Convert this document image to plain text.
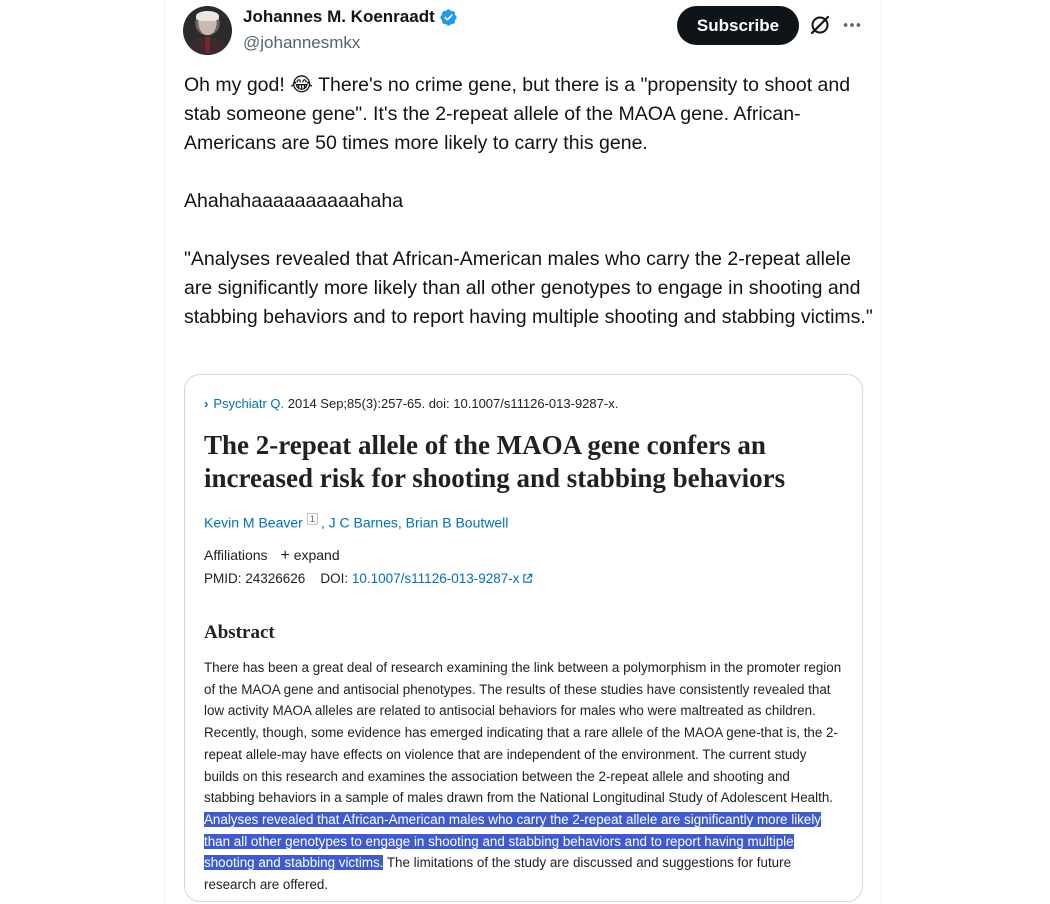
Johannes M. Koenraadt
@johannesmkx
Subscribe

Oh my god! 😂 There's no crime gene, but there is a "propensity to shoot and stab someone gene". It's the 2-repeat allele of the MAOA gene. African-Americans are 50 times more likely to carry this gene.

Ahahahaaaaaaaaaahaha

"Analyses revealed that African-American males who carry the 2-repeat allele are significantly more likely than all other genotypes to engage in shooting and stabbing behaviors and to report having multiple shooting and stabbing victims."

› Psychiatr Q. 2014 Sep;85(3):257-65. doi: 10.1007/s11126-013-9287-x.
The 2-repeat allele of the MAOA gene confers an increased risk for shooting and stabbing behaviors
Kevin M Beaver $^1$ , J C Barnes, Brian B Boutwell
Affiliations + expand
PMID: 24326626 DOI: 10.1007/s11126-013-9287-x
Abstract

There has been a great deal of research examining the link between a polymorphism in the promoter region of the MAOA gene and antisocial phenotypes. The results of these studies have consistently revealed that low activity MAOA alleles are related to antisocial behaviors for males who were maltreated as children. Recently, though, some evidence has emerged indicating that a rare allele of the MAOA gene-that is, the 2-repeat allele-may have effects on violence that are independent of the environment. The current study builds on this research and examines the association between the 2-repeat allele and shooting and stabbing behaviors in a sample of males drawn from the National Longitudinal Study of Adolescent Health. Analyses revealed that African-American males who carry the 2-repeat allele are significantly more likely than all other genotypes to engage in shooting and stabbing behaviors and to report having multiple shooting and stabbing victims. The limitations of the study are discussed and suggestions for future research are offered.
